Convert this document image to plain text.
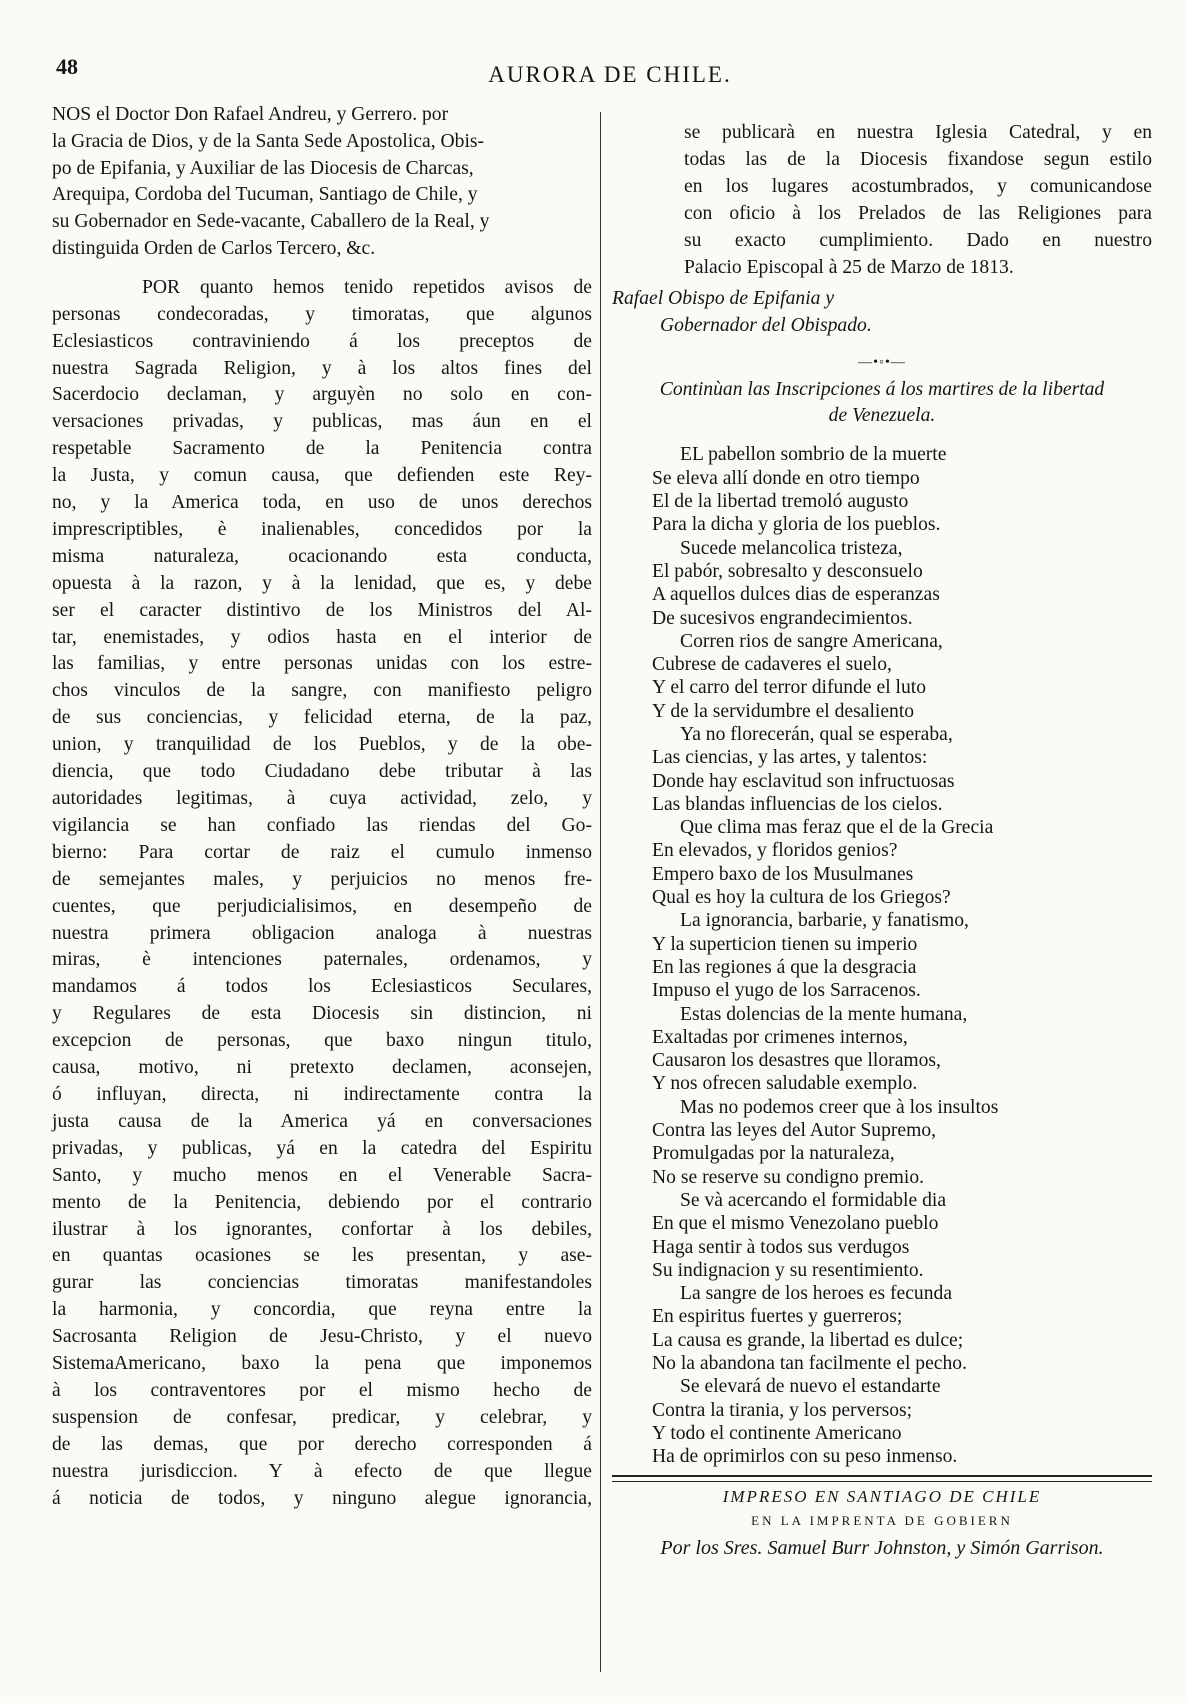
48	AURORA DE CHILE.

NOS el Doctor Don Rafael Andreu, y Gerrero. por
la Gracia de Dios, y de la Santa Sede Apostolica, Obis-
po de Epifania, y Auxiliar de las Diocesis de Charcas,
Arequipa, Cordoba del Tucuman, Santiago de Chile, y
su Gobernador en Sede-vacante, Caballero de la Real, y
distinguida Orden de Carlos Tercero, &c.

POR quanto hemos tenido repetidos avisos de
personas condecoradas, y timoratas, que algunos
Eclesiasticos contraviniendo á los preceptos de
nuestra Sagrada Religion, y à los altos fines del
Sacerdocio declaman, y arguyèn no solo en con-
versaciones privadas, y publicas, mas áun en el
respetable Sacramento de la Penitencia contra
la Justa, y comun causa, que defienden este Rey-
no, y la America toda, en uso de unos derechos
imprescriptibles, è inalienables, concedidos por la
misma naturaleza, ocacionando esta conducta,
opuesta à la razon, y à la lenidad, que es, y debe
ser el caracter distintivo de los Ministros del Al-
tar, enemistades, y odios hasta en el interior de
las familias, y entre personas unidas con los estre-
chos vinculos de la sangre, con manifiesto peligro
de sus conciencias, y felicidad eterna, de la paz,
union, y tranquilidad de los Pueblos, y de la obe-
diencia, que todo Ciudadano debe tributar à las
autoridades legitimas, à cuya actividad, zelo, y
vigilancia se han confiado las riendas del Go-
bierno: Para cortar de raiz el cumulo inmenso
de semejantes males, y perjuicios no menos fre-
cuentes, que perjudicialisimos, en desempeño de
nuestra primera obligacion analoga à nuestras
miras, è intenciones paternales, ordenamos, y
mandamos á todos los Eclesiasticos Seculares,
y Regulares de esta Diocesis sin distincion, ni
excepcion de personas, que baxo ningun titulo,
causa, motivo, ni pretexto declamen, aconsejen,
ó influyan, directa, ni indirectamente contra la
justa causa de la America yá en conversaciones
privadas, y publicas, yá en la catedra del Espiritu
Santo, y mucho menos en el Venerable Sacra-
mento de la Penitencia, debiendo por el contrario
ilustrar à los ignorantes, confortar à los debiles,
en quantas ocasiones se les presentan, y ase-
gurar las conciencias timoratas manifestandoles
la harmonia, y concordia, que reyna entre la
Sacrosanta Religion de Jesu-Christo, y el nuevo
SistemaAmericano, baxo la pena que imponemos
à los contraventores por el mismo hecho de
suspension de confesar, predicar, y celebrar, y
de las demas, que por derecho corresponden á
nuestra jurisdiccion. Y à efecto de que llegue
á noticia de todos, y ninguno alegue ignorancia,
se publicarà en nuestra Iglesia Catedral, y en
todas las de la Diocesis fixandose segun estilo
en los lugares acostumbrados, y comunicandose
con oficio à los Prelados de las Religiones para
su exacto cumplimiento. Dado en nuestro
Palacio Episcopal à 25 de Marzo de 1813.
Rafael Obispo de Epifania y
Gobernador del Obispado.
—•◦•—

Continùan las Inscripciones á los martires de la libertad
de Venezuela.

EL pabellon sombrio de la muerte
Se eleva allí donde en otro tiempo
El de la libertad tremoló augusto
Para la dicha y gloria de los pueblos.
Sucede melancolica tristeza,
El pabór, sobresalto y desconsuelo
A aquellos dulces dias de esperanzas
De sucesivos engrandecimientos.
Corren rios de sangre Americana,
Cubrese de cadaveres el suelo,
Y el carro del terror difunde el luto
Y de la servidumbre el desaliento
Ya no florecerán, qual se esperaba,
Las ciencias, y las artes, y talentos:
Donde hay esclavitud son infructuosas
Las blandas influencias de los cielos.
Que clima mas feraz que el de la Grecia
En elevados, y floridos genios?
Empero baxo de los Musulmanes
Qual es hoy la cultura de los Griegos?
La ignorancia, barbarie, y fanatismo,
Y la superticion tienen su imperio
En las regiones á que la desgracia
Impuso el yugo de los Sarracenos.
Estas dolencias de la mente humana,
Exaltadas por crimenes internos,
Causaron los desastres que lloramos,
Y nos ofrecen saludable exemplo.
Mas no podemos creer que à los insultos
Contra las leyes del Autor Supremo,
Promulgadas por la naturaleza,
No se reserve su condigno premio.
Se và acercando el formidable dia
En que el mismo Venezolano pueblo
Haga sentir à todos sus verdugos
Su indignacion y su resentimiento.
La sangre de los heroes es fecunda
En espiritus fuertes y guerreros;
La causa es grande, la libertad es dulce;
No la abandona tan facilmente el pecho.
Se elevará de nuevo el estandarte
Contra la tirania, y los perversos;
Y todo el continente Americano
Ha de oprimirlos con su peso inmenso.
IMPRESO EN SANTIAGO DE CHILE
EN LA IMPRENTA DE GOBIERN
Por los Sres. Samuel Burr Johnston, y Simón Garrison.
